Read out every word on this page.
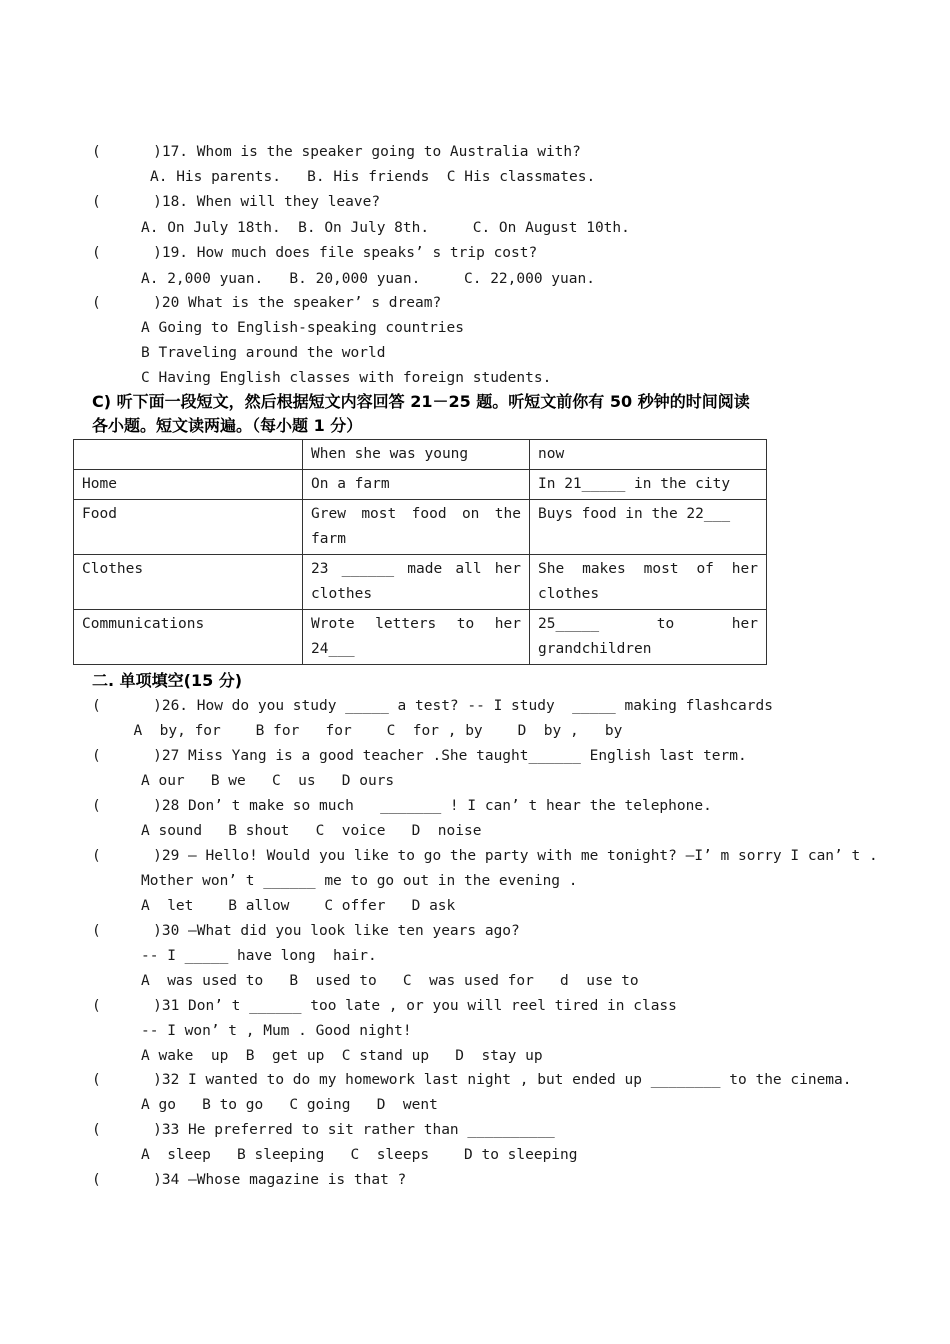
(      )17. Whom is the speaker going to Australia with?
A. His parents.   B. His friends  C His classmates.
(      )18. When will they leave?
A. On July 18th.  B. On July 8th.     C. On August 10th.
(      )19. How much does file speaks’ s trip cost?
A. 2,000 yuan.   B. 20,000 yuan.     C. 22,000 yuan.
(      )20 What is the speaker’ s dream?
A Going to English-speaking countries
B Traveling around the world
C Having English classes with foreign students.
C) 听下面一段短文，然后根据短文内容回答 21－25 题。听短文前你有 50 秒钟的时间阅读
各小题。短文读两遍。（每小题 1 分）
	When she was young	now
Home	On a farm	In 21_____ in the city
Food	Grew most food on the farm	Buys food in the 22___
Clothes	23 ______ made all her clothes	She makes most of her clothes
Communications	Wrote letters to her 24___	25_____ to her grandchildren
二. 单项填空(15 分)
(      )26. How do you study _____ a test? -- I study  _____ making flashcards
A  by, for    B for   for    C  for , by    D  by ,   by
(      )27 Miss Yang is a good teacher .She taught______ English last term.
A our   B we   C  us   D ours
(      )28 Don’ t make so much   _______ ! I can’ t hear the telephone.
A sound   B shout   C  voice   D  noise
(      )29 – Hello! Would you like to go the party with me tonight? –I’ m sorry I can’ t .
Mother won’ t ______ me to go out in the evening .
A  let    B allow    C offer   D ask
(      )30 –What did you look like ten years ago?
-- I _____ have long  hair.
A  was used to   B  used to   C  was used for   d  use to
(      )31 Don’ t ______ too late , or you will reel tired in class
-- I won’ t , Mum . Good night!
A wake  up  B  get up  C stand up   D  stay up
(      )32 I wanted to do my homework last night , but ended up ________ to the cinema.
A go   B to go   C going   D  went
(      )33 He preferred to sit rather than __________
A  sleep   B sleeping   C  sleeps    D to sleeping
(      )34 –Whose magazine is that ?
